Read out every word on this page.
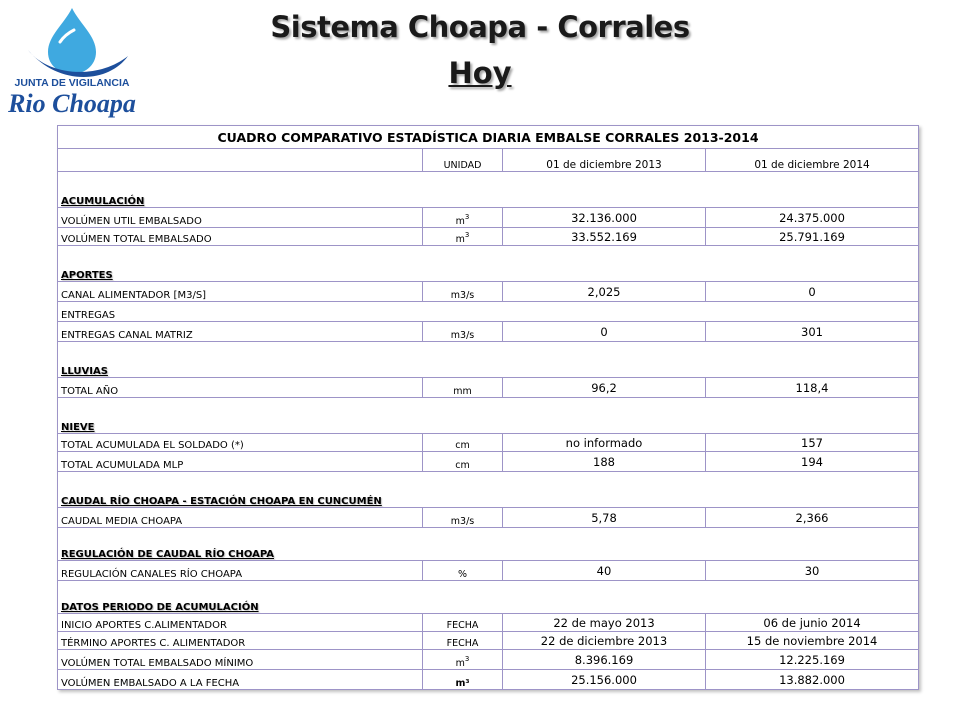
JUNTA DE VIGILANCIA
Rio Choapa
Sistema Choapa - Corrales
Hoy
CUADRO COMPARATIVO ESTADÍSTICA DIARIA EMBALSE CORRALES 2013-2014			
	UNIDAD	01 de diciembre 2013	01 de diciembre 2014
ACUMULACIÓN			
VOLÚMEN UTIL EMBALSADO	$m^3$	32.136.000	24.375.000
VOLÚMEN TOTAL EMBALSADO	$m^3$	33.552.169	25.791.169
APORTES			
CANAL ALIMENTADOR [M3/S]	m3/s	2,025	0
ENTREGAS			
ENTREGAS CANAL MATRIZ	m3/s	0	301
LLUVIAS			
TOTAL AÑO	mm	96,2	118,4
NIEVE			
TOTAL ACUMULADA EL SOLDADO (*)	cm	no informado	157
TOTAL ACUMULADA MLP	cm	188	194
CAUDAL RÍO CHOAPA - ESTACIÓN CHOAPA EN CUNCUMÉN			
CAUDAL MEDIA CHOAPA	m3/s	5,78	2,366
REGULACIÓN DE CAUDAL RÍO CHOAPA			
REGULACIÓN CANALES RÍO CHOAPA	%	40	30
DATOS PERIODO DE ACUMULACIÓN			
INICIO APORTES C.ALIMENTADOR	FECHA	22 de mayo 2013	06 de junio 2014
TÉRMINO APORTES C. ALIMENTADOR	FECHA	22 de diciembre 2013	15 de noviembre 2014
VOLÚMEN TOTAL EMBALSADO MÍNIMO	$m^3$	8.396.169	12.225.169
VOLÚMEN EMBALSADO A LA FECHA	m³	25.156.000	13.882.000
